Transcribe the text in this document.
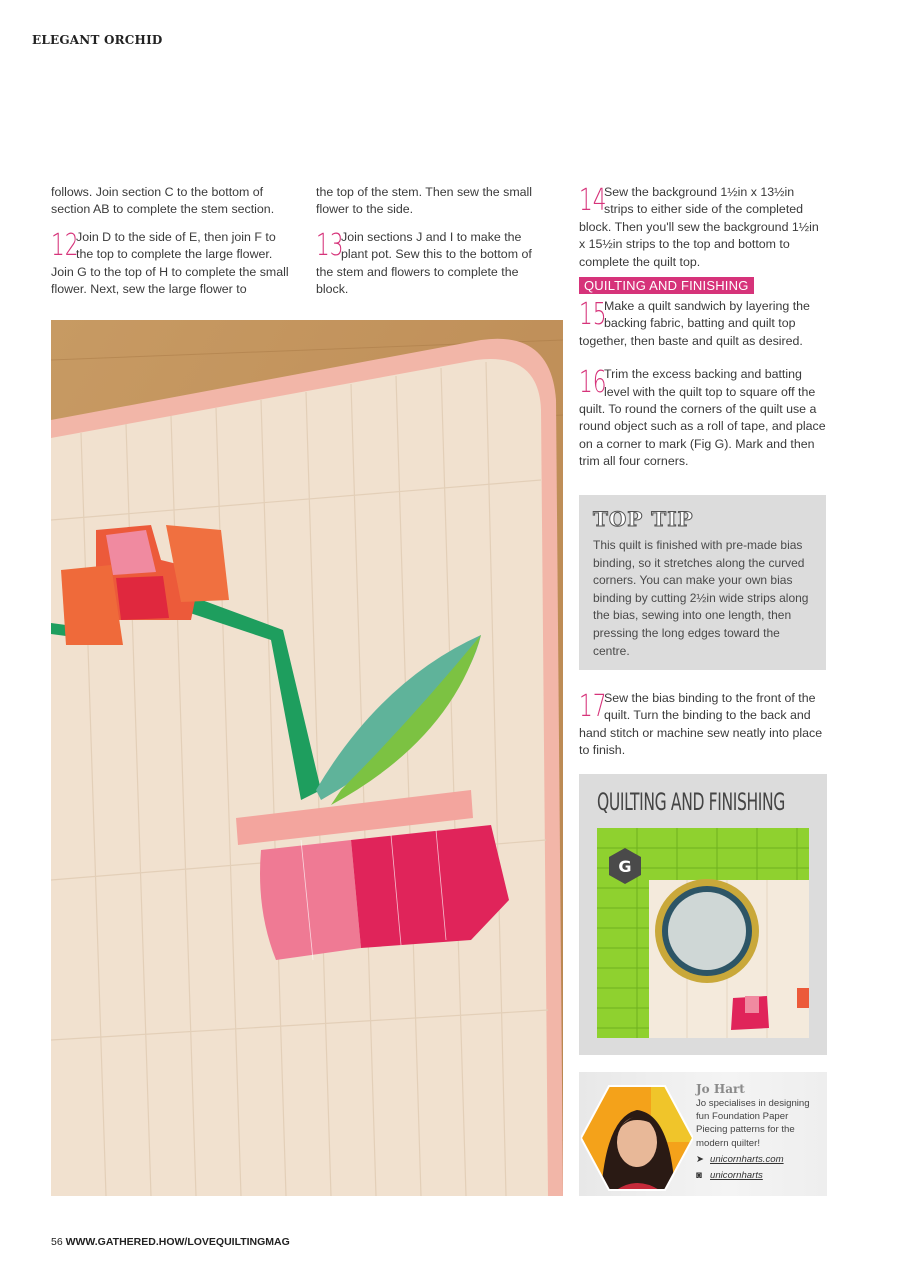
ELEGANT ORCHID

follows. Join section C to the bottom of section AB to complete the stem section.

12
Join D to the side of E, then join F to the top to complete the large flower. Join G to the top of H to complete the small flower. Next, sew the large flower to

the top of the stem. Then sew the small flower to the side.

13
Join sections J and I to make the plant pot. Sew this to the bottom of the stem and flowers to complete the block.
14
Sew the background 1½in x 13½in strips to either side of the completed block. Then you'll sew the background 1½in x 15½in strips to the top and bottom to complete the quilt top.
QUILTING AND FINISHING
15
Make a quilt sandwich by layering the backing fabric, batting and quilt top together, then baste and quilt as desired.
16
Trim the excess backing and batting level with the quilt top to square off the quilt. To round the corners of the quilt use a round object such as a roll of tape, and place on a corner to mark (Fig G). Mark and then trim all four corners.
17
Sew the bias binding to the front of the quilt. Turn the binding to the back and hand stitch or machine sew neatly into place to finish.
TOP TIP
This quilt is finished with pre-made bias binding, so it stretches along the curved corners. You can make your own bias binding by cutting 2½in wide strips along the bias, sewing into one length, then pressing the long edges toward the centre.
QUILTING AND FINISHING
G
Jo Hart
Jo specialises in designing fun Foundation Paper Piecing patterns for the modern quilter!
➤ unicornharts.com
◙ unicornharts
56 WWW.GATHERED.HOW/LOVEQUILTINGMAG
